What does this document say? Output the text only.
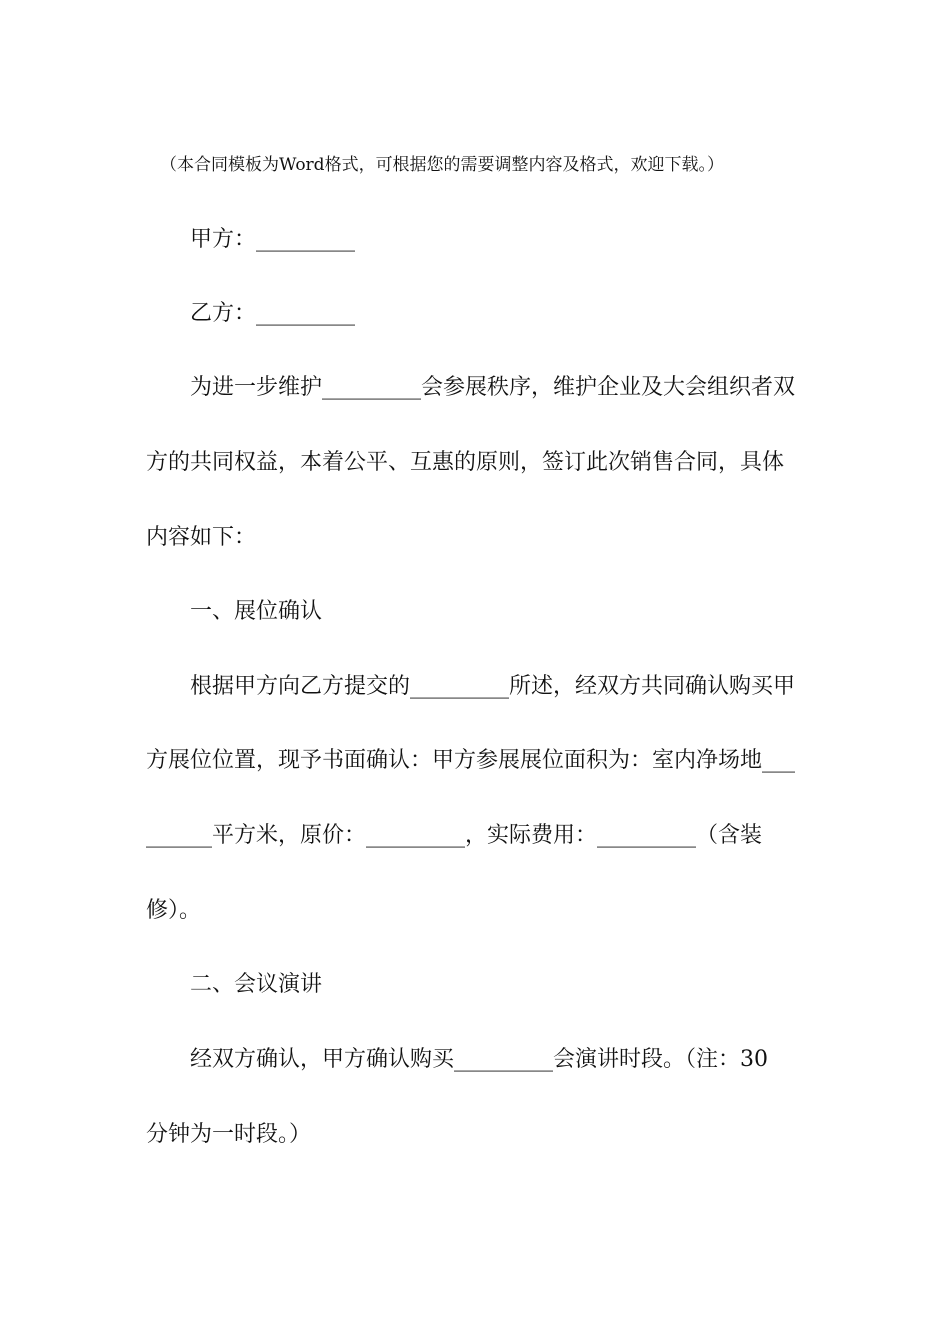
（本合同模板为Word格式，可根据您的需要调整内容及格式，欢迎下载。）
甲方：_________
乙方：_________
为进一步维护_________会参展秩序，维护企业及大会组织者双
方的共同权益，本着公平、互惠的原则，签订此次销售合同，具体
内容如下：
一、展位确认
根据甲方向乙方提交的_________所述，经双方共同确认购买甲
方展位位置，现予书面确认：甲方参展展位面积为：室内净场地___
______平方米，原价：_________，实际费用：_________（含装
修）。
二、会议演讲
经双方确认，甲方确认购买_________会演讲时段。（注：30
分钟为一时段。）
